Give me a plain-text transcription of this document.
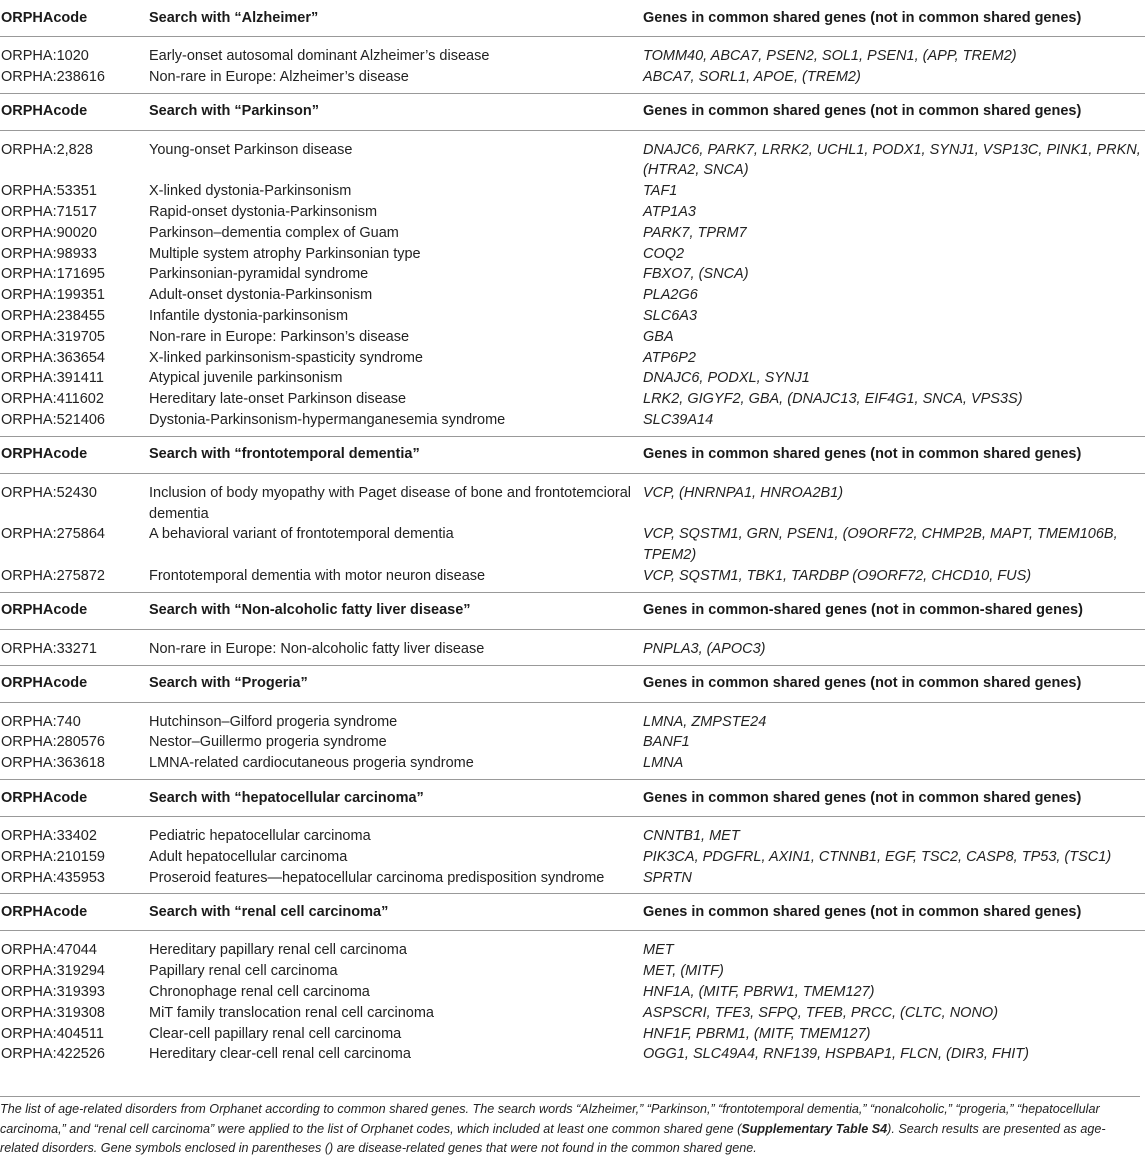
ORPHAcode	Search with “Alzheimer”	Genes in common shared genes (not in common shared genes)
ORPHA:1020	Early-onset autosomal dominant Alzheimer’s disease	TOMM40, ABCA7, PSEN2, SOL1, PSEN1, (APP, TREM2)
ORPHA:238616	Non-rare in Europe: Alzheimer’s disease	ABCA7, SORL1, APOE, (TREM2)
ORPHAcode	Search with “Parkinson”	Genes in common shared genes (not in common shared genes)
ORPHA:2,828	Young-onset Parkinson disease	DNAJC6, PARK7, LRRK2, UCHL1, PODX1, SYNJ1, VSP13C, PINK1, PRKN, (HTRA2, SNCA)
ORPHA:53351	X-linked dystonia-Parkinsonism	TAF1
ORPHA:71517	Rapid-onset dystonia-Parkinsonism	ATP1A3
ORPHA:90020	Parkinson–dementia complex of Guam	PARK7, TPRM7
ORPHA:98933	Multiple system atrophy Parkinsonian type	COQ2
ORPHA:171695	Parkinsonian-pyramidal syndrome	FBXO7, (SNCA)
ORPHA:199351	Adult-onset dystonia-Parkinsonism	PLA2G6
ORPHA:238455	Infantile dystonia-parkinsonism	SLC6A3
ORPHA:319705	Non-rare in Europe: Parkinson’s disease	GBA
ORPHA:363654	X-linked parkinsonism-spasticity syndrome	ATP6P2
ORPHA:391411	Atypical juvenile parkinsonism	DNAJC6, PODXL, SYNJ1
ORPHA:411602	Hereditary late-onset Parkinson disease	LRK2, GIGYF2, GBA, (DNAJC13, EIF4G1, SNCA, VPS3S)
ORPHA:521406	Dystonia-Parkinsonism-hypermanganesemia syndrome	SLC39A14
ORPHAcode	Search with “frontotemporal dementia”	Genes in common shared genes (not in common shared genes)
ORPHA:52430	Inclusion of body myopathy with Paget disease of bone and frontotemcioral dementia	VCP, (HNRNPA1, HNROA2B1)
ORPHA:275864	A behavioral variant of frontotemporal dementia	VCP, SQSTM1, GRN, PSEN1, (O9ORF72, CHMP2B, MAPT, TMEM106B, TPEM2)
ORPHA:275872	Frontotemporal dementia with motor neuron disease	VCP, SQSTM1, TBK1, TARDBP (O9ORF72, CHCD10, FUS)
ORPHAcode	Search with “Non-alcoholic fatty liver disease”	Genes in common-shared genes (not in common-shared genes)
ORPHA:33271	Non-rare in Europe: Non-alcoholic fatty liver disease	PNPLA3, (APOC3)
ORPHAcode	Search with “Progeria”	Genes in common shared genes (not in common shared genes)
ORPHA:740	Hutchinson–Gilford progeria syndrome	LMNA, ZMPSTE24
ORPHA:280576	Nestor–Guillermo progeria syndrome	BANF1
ORPHA:363618	LMNA-related cardiocutaneous progeria syndrome	LMNA
ORPHAcode	Search with “hepatocellular carcinoma”	Genes in common shared genes (not in common shared genes)
ORPHA:33402	Pediatric hepatocellular carcinoma	CNNTB1, MET
ORPHA:210159	Adult hepatocellular carcinoma	PIK3CA, PDGFRL, AXIN1, CTNNB1, EGF, TSC2, CASP8, TP53, (TSC1)
ORPHA:435953	Proseroid features—hepatocellular carcinoma predisposition syndrome	SPRTN
ORPHAcode	Search with “renal cell carcinoma”	Genes in common shared genes (not in common shared genes)
ORPHA:47044	Hereditary papillary renal cell carcinoma	MET
ORPHA:319294	Papillary renal cell carcinoma	MET, (MITF)
ORPHA:319393	Chronophage renal cell carcinoma	HNF1A, (MITF, PBRW1, TMEM127)
ORPHA:319308	MiT family translocation renal cell carcinoma	ASPSCRI, TFE3, SFPQ, TFEB, PRCC, (CLTC, NONO)
ORPHA:404511	Clear-cell papillary renal cell carcinoma	HNF1F, PBRM1, (MITF, TMEM127)
ORPHA:422526	Hereditary clear-cell renal cell carcinoma	OGG1, SLC49A4, RNF139, HSPBAP1, FLCN, (DIR3, FHIT)
The list of age-related disorders from Orphanet according to common shared genes. The search words “Alzheimer,” “Parkinson,” “frontotemporal dementia,” “nonalcoholic,” “progeria,” “hepatocellular carcinoma,” and “renal cell carcinoma” were applied to the list of Orphanet codes, which included at least one common shared gene (Supplementary Table S4). Search results are presented as age-related disorders. Gene symbols enclosed in parentheses () are disease-related genes that were not found in the common shared gene.
